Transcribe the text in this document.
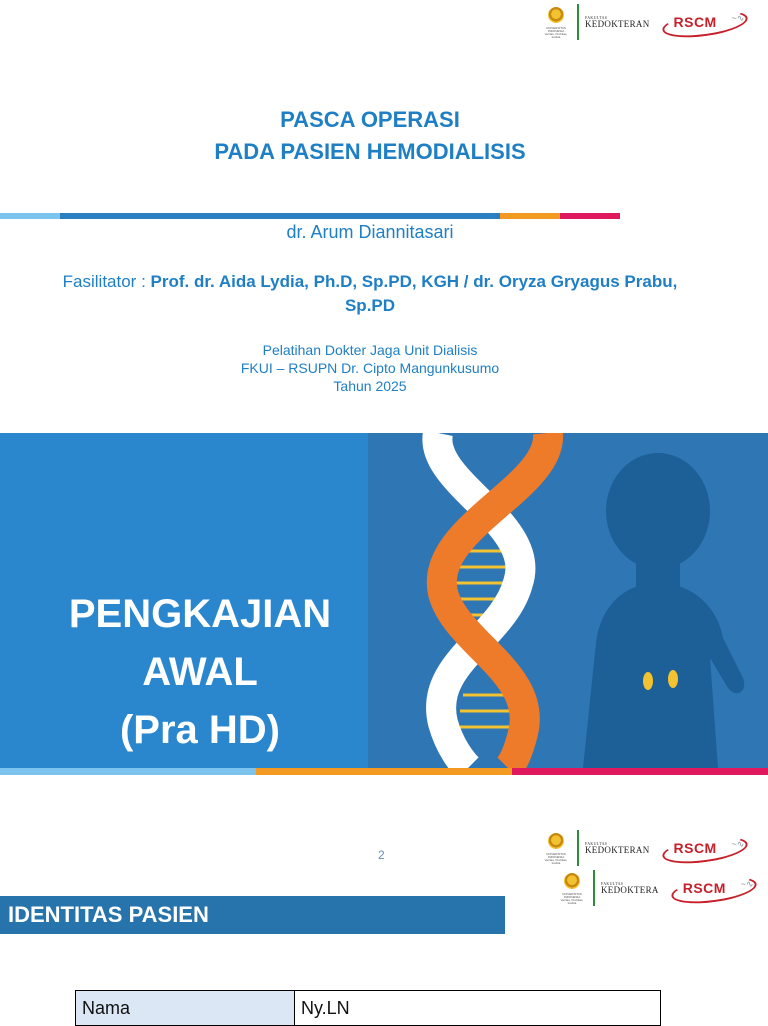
UNIVERSITAS INDONESIA Veritas, Probitas, Iustitia
FAKULTAS
KEDOKTERAN RSCM ~∿
PASCA OPERASI
PADA PASIEN HEMODIALISIS
dr. Arum Diannitasari
Fasilitator : Prof. dr. Aida Lydia, Ph.D, Sp.PD, KGH / dr. Oryza Gryagus Prabu, Sp.PD
Pelatihan Dokter Jaga Unit Dialisis
FKUI – RSUPN Dr. Cipto Mangunkusumo
Tahun 2025
PENGKAJIAN
AWAL
(Pra HD)
2	UNIVERSITAS INDONESIA Veritas, Probitas, Iustitia
FAKULTAS
KEDOKTERAN RSCM ~∿
UNIVERSITAS INDONESIA Veritas, Probitas, Iustitia
FAKULTAS
KEDOKTERA RSCM ~∿
IDENTITAS PASIEN
Nama	Ny.LN
